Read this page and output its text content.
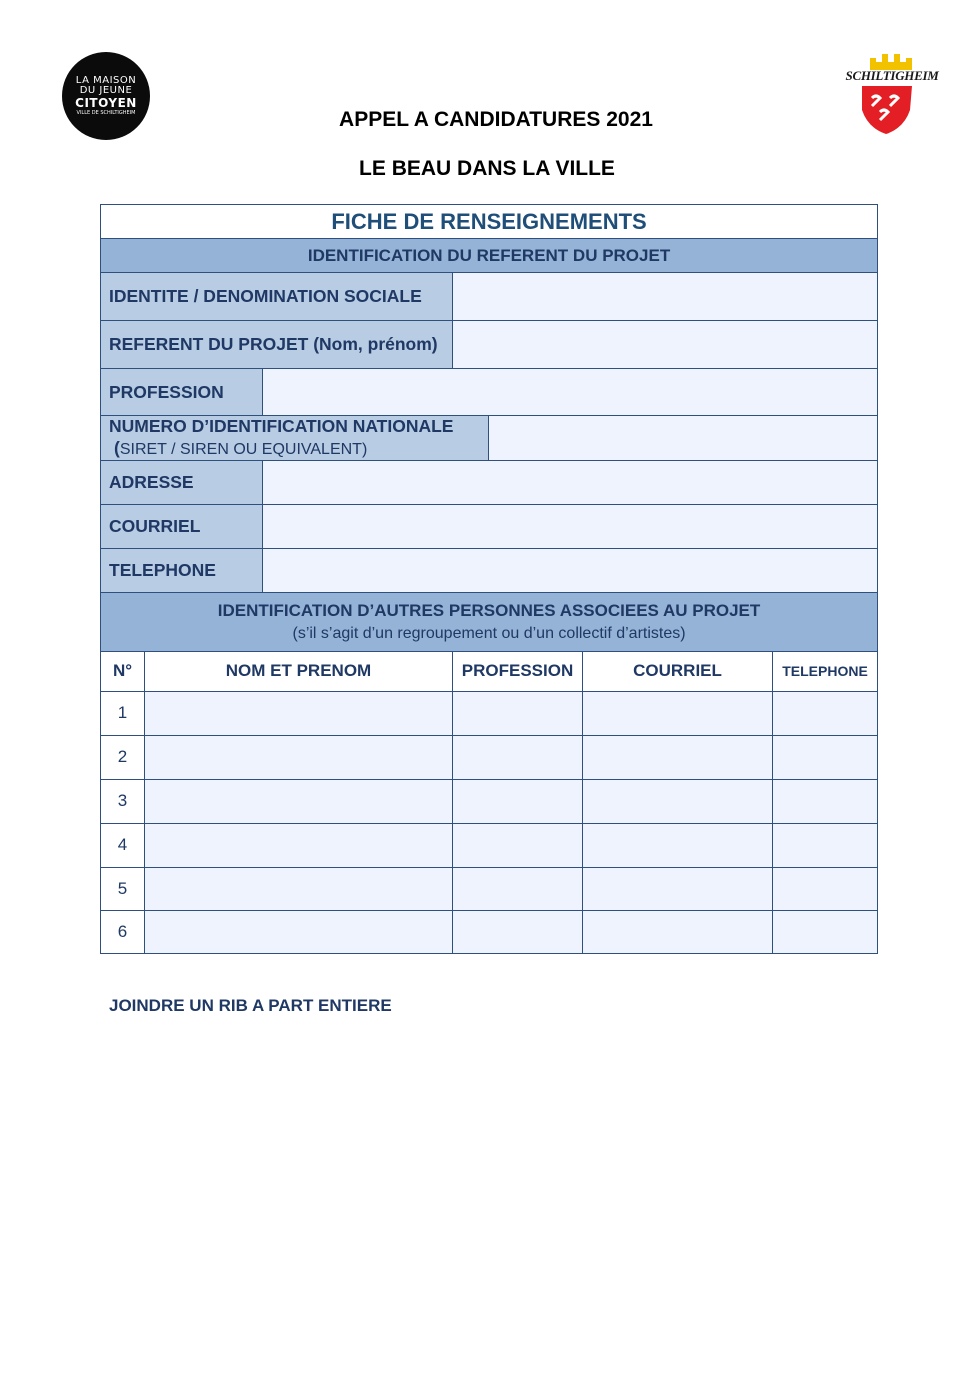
LA MAISON
DU JEUNE
CITOYEN
VILLE DE SCHILTIGHEIM
SCHILTIGHEIM
APPEL A CANDIDATURES 2021
LE BEAU DANS LA VILLE
FICHE DE RENSEIGNEMENTS						
IDENTIFICATION DU REFERENT DU PROJET						
IDENTITE / DENOMINATION SOCIALE						
REFERENT DU PROJET (Nom, prénom)						
PROFESSION						
NUMERO D’IDENTIFICATION NATIONALE
(SIRET / SIREN OU EQUIVALENT)						
ADRESSE						
COURRIEL						
TELEPHONE						
IDENTIFICATION D’AUTRES PERSONNES ASSOCIEES AU PROJET
(s’il s’agit d’un regroupement ou d’un collectif d’artistes)						
N°	NOM ET PRENOM		PROFESSION		COURRIEL	TELEPHONE
1						
2						
3						
4						
5						
6						
JOINDRE UN RIB A PART ENTIERE
